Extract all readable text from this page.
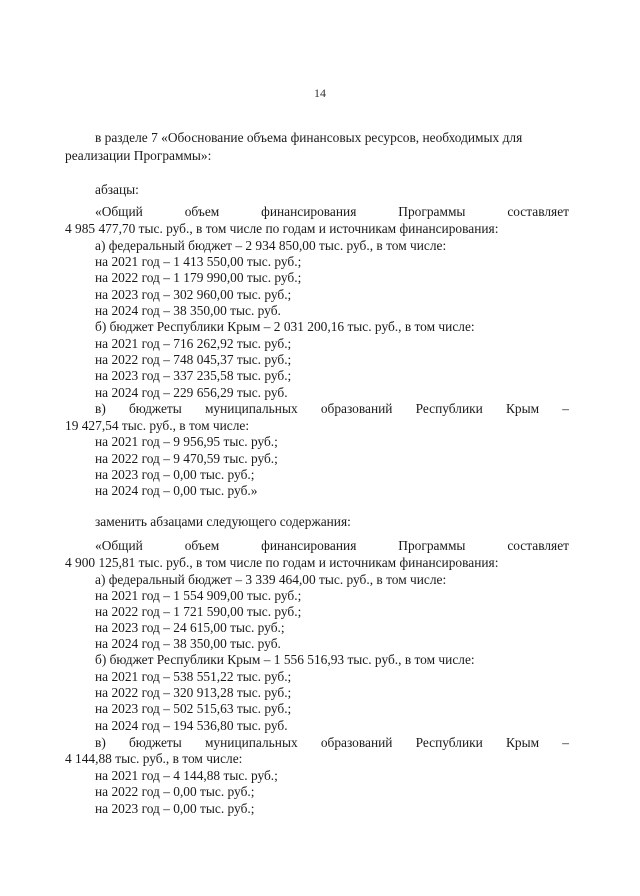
14
в разделе 7 «Обоснование объема финансовых ресурсов, необходимых для
реализации Программы»:
абзацы:
«Общий	объем	финансирования	Программы	составляет
4 985 477,70 тыс. руб., в том числе по годам и источникам финансирования:
а) федеральный бюджет – 2 934 850,00 тыс. руб., в том числе:
на 2021 год – 1 413 550,00 тыс. руб.;
на 2022 год – 1 179 990,00 тыс. руб.;
на 2023 год – 302 960,00 тыс. руб.;
на 2024 год – 38 350,00 тыс. руб.
б) бюджет Республики Крым – 2 031 200,16 тыс. руб., в том числе:
на 2021 год – 716 262,92 тыс. руб.;
на 2022 год – 748 045,37 тыс. руб.;
на 2023 год – 337 235,58 тыс. руб.;
на 2024 год – 229 656,29 тыс. руб.
в) бюджеты муниципальных образований Республики Крым –
19 427,54 тыс. руб., в том числе:
на 2021 год – 9 956,95 тыс. руб.;
на 2022 год – 9 470,59 тыс. руб.;
на 2023 год – 0,00 тыс. руб.;
на 2024 год – 0,00 тыс. руб.»
заменить абзацами следующего содержания:
«Общий	объем	финансирования	Программы	составляет
4 900 125,81 тыс. руб., в том числе по годам и источникам финансирования:
а) федеральный бюджет – 3 339 464,00 тыс. руб., в том числе:
на 2021 год – 1 554 909,00 тыс. руб.;
на 2022 год – 1 721 590,00 тыс. руб.;
на 2023 год – 24 615,00 тыс. руб.;
на 2024 год – 38 350,00 тыс. руб.
б) бюджет Республики Крым – 1 556 516,93 тыс. руб., в том числе:
на 2021 год – 538 551,22 тыс. руб.;
на 2022 год – 320 913,28 тыс. руб.;
на 2023 год – 502 515,63 тыс. руб.;
на 2024 год – 194 536,80 тыс. руб.
в) бюджеты муниципальных образований Республики Крым –
4 144,88 тыс. руб., в том числе:
на 2021 год – 4 144,88 тыс. руб.;
на 2022 год – 0,00 тыс. руб.;
на 2023 год – 0,00 тыс. руб.;
